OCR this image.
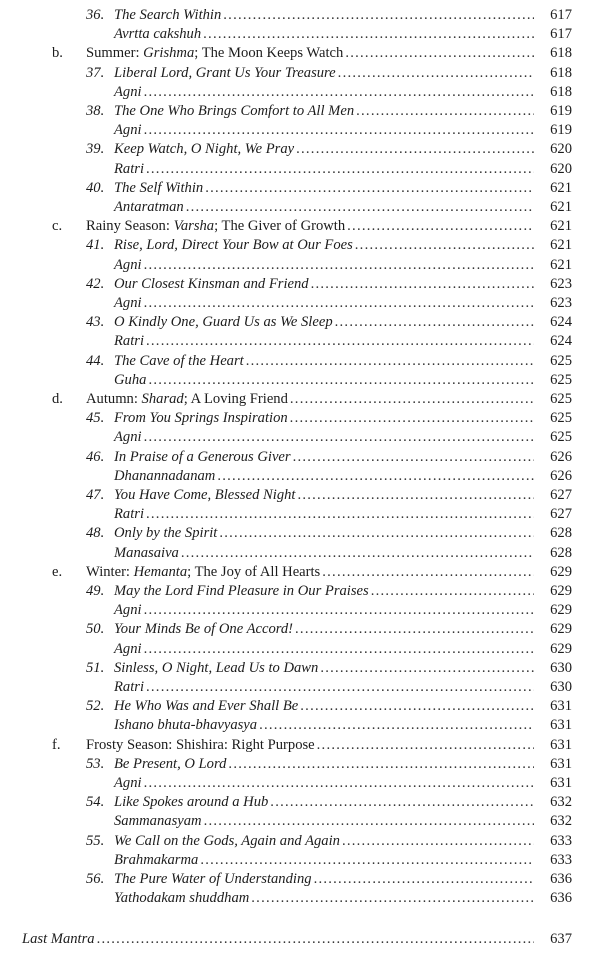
36. The Search Within . . .	617
Avrtta cakshuh . . .	617
b. Summer: Grishma; The Moon Keeps Watch . . .	618
37. Liberal Lord, Grant Us Your Treasure . . .	618
Agni . . .	618
38. The One Who Brings Comfort to All Men . . .	619
Agni . . .	619
39. Keep Watch, O Night, We Pray . . .	620
Ratri . . .	620
40. The Self Within . . .	621
Antaratman . . .	621
c. Rainy Season: Varsha; The Giver of Growth . . .	621
41. Rise, Lord, Direct Your Bow at Our Foes . . .	621
Agni . . .	621
42. Our Closest Kinsman and Friend . . .	623
Agni . . .	623
43. O Kindly One, Guard Us as We Sleep . . .	624
Ratri . . .	624
44. The Cave of the Heart . . .	625
Guha . . .	625
d. Autumn: Sharad; A Loving Friend . . .	625
45. From You Springs Inspiration . . .	625
Agni . . .	625
46. In Praise of a Generous Giver . . .	626
Dhanannadanam . . .	626
47. You Have Come, Blessed Night . . .	627
Ratri . . .	627
48. Only by the Spirit . . .	628
Manasaiva . . .	628
e. Winter: Hemanta; The Joy of All Hearts . . .	629
49. May the Lord Find Pleasure in Our Praises . . .	629
Agni . . .	629
50. Your Minds Be of One Accord! . . .	629
Agni . . .	629
51. Sinless, O Night, Lead Us to Dawn . . .	630
Ratri . . .	630
52. He Who Was and Ever Shall Be . . .	631
Ishano bhuta-bhavyasya . . .	631
f. Frosty Season: Shishira: Right Purpose . . .	631
53. Be Present, O Lord . . .	631
Agni . . .	631
54. Like Spokes around a Hub . . .	632
Sammanasyam . . .	632
55. We Call on the Gods, Again and Again . . .	633
Brahmakarma . . .	633
56. The Pure Water of Understanding . . .	636
Yathodakam shuddham . . .	636
Last Mantra . . .	637
